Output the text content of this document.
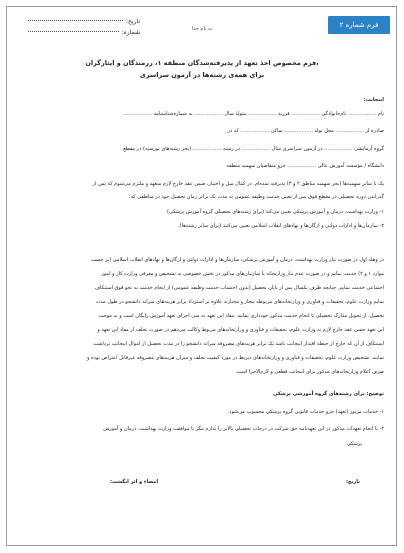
فرم شماره ۲
تاریخ:
شماره:	به نام خدا
فرم مخصوص اخذ تعهد از پذیرفته‌شدگان منطقه ۱، رزمندگان و ایثارگران،
برای همه‌ی رشته‌ها در آزمون سراسری
اینجانب:
نام .................. نام‌خانوادگی .................. فرزند .................. متولد سال .................. به شماره‌شناسنامه ..................
صادره از .................. محل تولد .................. ساکن .................. که در
گروه آزمایشی .................. در آزمون سراسری سال .................. در رشته .................. (بجز رشته‌های بورسیه) در مقطع
دانشگاه / مؤسسه آموزش عالی .................. جزو متقاضیان سهمیه منطقه
یک یا سایر سهمیه‌ها (بجز سهمیه مناطق ۲ و ۳) پذیرفته شده‌ام. در کمال میل و اختیار، ضمن عقد خارج لازم متعهد و ملتزم می‌شوم که پس از
گذراندن دوره تحصیلی در مقطع فوق پس از تعیین خدمت وظیفه عمومی به مدت یک برابر زمان تحصیل خود در مناطقی که:
۱- وزارت بهداشت، درمان و آموزش پزشکی تعیین می‌کند (برای رشته‌های تحصیلی گروه آموزش پزشکی)
۲- سازمان‌ها و ادارات دولتی و ارگان‌ها و نهادهای انقلاب اسلامی تعیین می‌کنند (برای سایر رشته‌ها).
در وهله اول در صورت نیاز وزارت بهداشت، درمان و آموزش پزشکی، سازمان‌ها و ادارات دولتی و ارگان‌ها و نهادهای انقلاب اسلامی (بر حسب
موارد ۱ و ۲) خدمت نمایم و در صورت عدم نیاز وزارتخانه یا سازمان‌های مذکور در بخش خصوصی به تشخیص و معرفی وزارت کار و امور
اجتماعی خدمت نمایم. چنانچه طرف یکسال پس از پایان تحصیل (بدون احتساب خدمت وظیفه عمومی) از انجام خدمت به نحو فوق استنکاف
نمایم وزارت علوم، تحقیقات و فناوری و وزارتخانه‌های مربوطه مجاز و مختارند علاوه بر استرداد برابر هزینه‌های سرانه دانشجو در طول مدت
تحصیل، از تحویل مدارک تحصیلی تا انجام خدمت مذکور خودداری نمایند. مفاد این تعهد به منی اجرای تعهد آموزش رایگان است و به موجب
این تعهد حسن عقد خارج لازم به وزارت علوم، تحقیقات و فناوری و وزارتخانه‌های مربوط وکالت می‌دهم در صورت تخلف از مفاد این تعهد و
استنکاف از آن که خارج از حیطه اقتدار اینجانب باشد یک برابر هزینه‌های مصروفه سرانه دانشجو را در مدت تحصیل از اموال اینجانب برداشت
نمایند. تشخیص وزارت علوم، تحقیقات و فناوری و وزارتخانه‌های ذیربط در مورد کیفیت تخلف و میزان هزینه‌های مصروفه غیرقابل اعتراض بوده و
صرف اعلام وزارتخانه‌های مذکور برای اینجانب قطعی و لازم‌الاجرا است.
توضیح: برای رشته‌های گروه آموزشی پزشکی
۱- خدمات مزبور (تعهد) جزو خدمات قانونی گروه پزشکی محسوب می‌شود.
۲- تا انجام تعهدات مذکور در این تعهدنامه حق شرکت در درجات تحصیلی بالاتر را ندارم مگر با موافقت وزارت بهداشت، درمان و آموزش
پزشکی.
تاریخ:
امضاء و اثر انگشت:
